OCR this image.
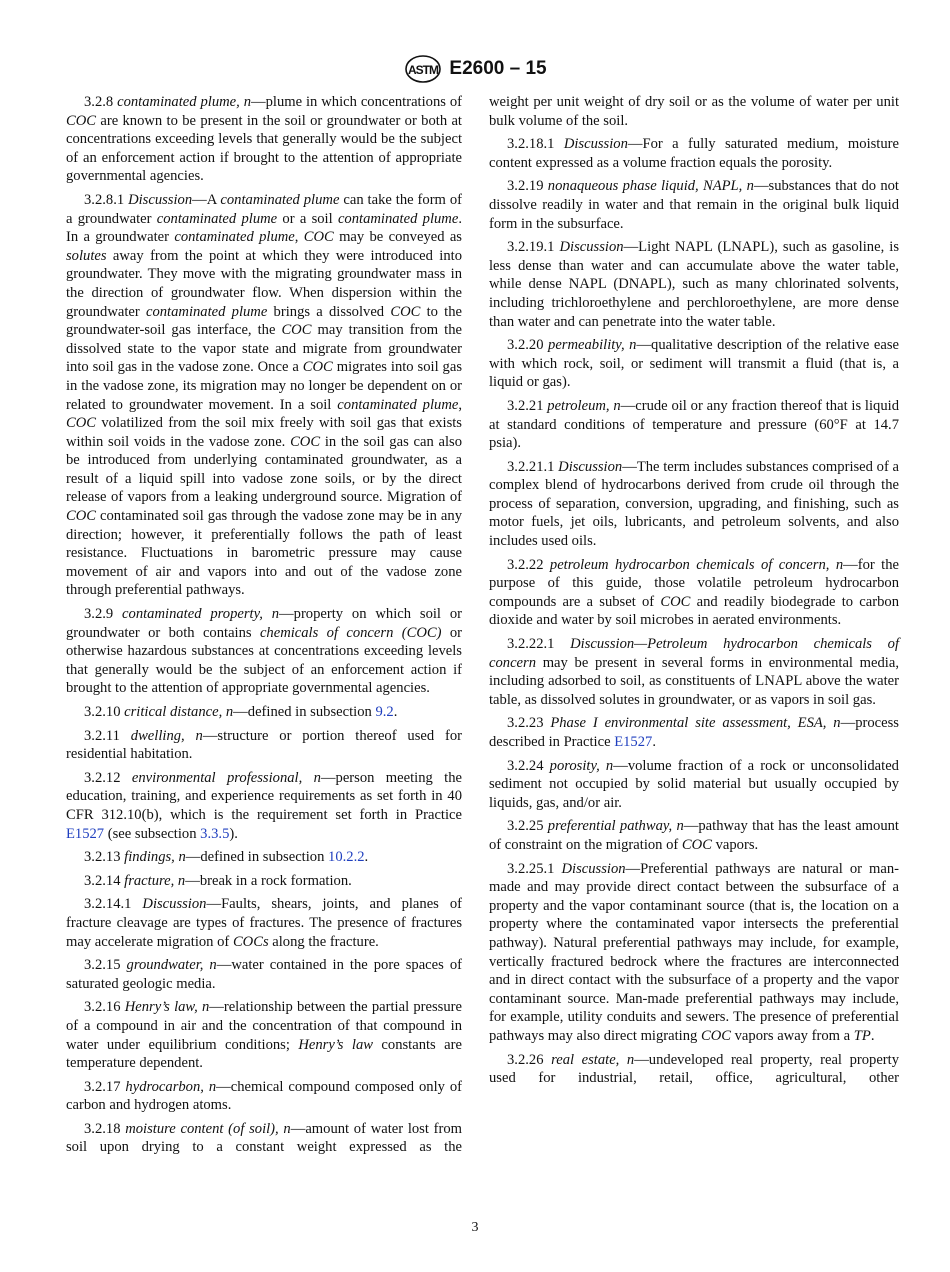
ASTM E2600 – 15

3.2.8 contaminated plume, n—plume in which concentrations of COC are known to be present in the soil or groundwater or both at concentrations exceeding levels that generally would be the subject of an enforcement action if brought to the attention of appropriate governmental agencies.

3.2.8.1 Discussion—A contaminated plume can take the form of a groundwater contaminated plume or a soil contaminated plume. In a groundwater contaminated plume, COC may be conveyed as solutes away from the point at which they were introduced into groundwater. They move with the migrating groundwater mass in the direction of groundwater flow. When dispersion within the groundwater contaminated plume brings a dissolved COC to the groundwater-soil gas interface, the COC may transition from the dissolved state to the vapor state and migrate from groundwater into soil gas in the vadose zone. Once a COC migrates into soil gas in the vadose zone, its migration may no longer be dependent on or related to groundwater movement. In a soil contaminated plume, COC volatilized from the soil mix freely with soil gas that exists within soil voids in the vadose zone. COC in the soil gas can also be introduced from underlying contaminated groundwater, as a result of a liquid spill into vadose zone soils, or by the direct release of vapors from a leaking underground source. Migration of COC contaminated soil gas through the vadose zone may be in any direction; however, it preferentially follows the path of least resistance. Fluctuations in barometric pressure may cause movement of air and vapors into and out of the vadose zone through preferential pathways.

3.2.9 contaminated property, n—property on which soil or groundwater or both contains chemicals of concern (COC) or otherwise hazardous substances at concentrations exceeding levels that generally would be the subject of an enforcement action if brought to the attention of appropriate governmental agencies.

3.2.10 critical distance, n—defined in subsection 9.2.

3.2.11 dwelling, n—structure or portion thereof used for residential habitation.

3.2.12 environmental professional, n—person meeting the education, training, and experience requirements as set forth in 40 CFR 312.10(b), which is the requirement set forth in Practice E1527 (see subsection 3.3.5).

3.2.13 findings, n—defined in subsection 10.2.2.

3.2.14 fracture, n—break in a rock formation.

3.2.14.1 Discussion—Faults, shears, joints, and planes of fracture cleavage are types of fractures. The presence of fractures may accelerate migration of COCs along the fracture.

3.2.15 groundwater, n—water contained in the pore spaces of saturated geologic media.

3.2.16 Henry’s law, n—relationship between the partial pressure of a compound in air and the concentration of that compound in water under equilibrium conditions; Henry’s law constants are temperature dependent.

3.2.17 hydrocarbon, n—chemical compound composed only of carbon and hydrogen atoms.

3.2.18 moisture content (of soil), n—amount of water lost from soil upon drying to a constant weight expressed as the

weight per unit weight of dry soil or as the volume of water per unit bulk volume of the soil.

3.2.18.1 Discussion—For a fully saturated medium, moisture content expressed as a volume fraction equals the porosity.

3.2.19 nonaqueous phase liquid, NAPL, n—substances that do not dissolve readily in water and that remain in the original bulk liquid form in the subsurface.

3.2.19.1 Discussion—Light NAPL (LNAPL), such as gasoline, is less dense than water and can accumulate above the water table, while dense NAPL (DNAPL), such as many chlorinated solvents, including trichloroethylene and perchloroethylene, are more dense than water and can penetrate into the water table.

3.2.20 permeability, n—qualitative description of the relative ease with which rock, soil, or sediment will transmit a fluid (that is, a liquid or gas).

3.2.21 petroleum, n—crude oil or any fraction thereof that is liquid at standard conditions of temperature and pressure (60°F at 14.7 psia).

3.2.21.1 Discussion—The term includes substances comprised of a complex blend of hydrocarbons derived from crude oil through the process of separation, conversion, upgrading, and finishing, such as motor fuels, jet oils, lubricants, and petroleum solvents, and also includes used oils.

3.2.22 petroleum hydrocarbon chemicals of concern, n—for the purpose of this guide, those volatile petroleum hydrocarbon compounds are a subset of COC and readily biodegrade to carbon dioxide and water by soil microbes in aerated environments.

3.2.22.1 Discussion—Petroleum hydrocarbon chemicals of concern may be present in several forms in environmental media, including adsorbed to soil, as constituents of LNAPL above the water table, as dissolved solutes in groundwater, or as vapors in soil gas.

3.2.23 Phase I environmental site assessment, ESA, n—process described in Practice E1527.

3.2.24 porosity, n—volume fraction of a rock or unconsolidated sediment not occupied by solid material but usually occupied by liquids, gas, and/or air.

3.2.25 preferential pathway, n—pathway that has the least amount of constraint on the migration of COC vapors.

3.2.25.1 Discussion—Preferential pathways are natural or man-made and may provide direct contact between the subsurface of a property and the vapor contaminant source (that is, the location on a property where the contaminated vapor intersects the preferential pathway). Natural preferential pathways may include, for example, vertically fractured bedrock where the fractures are interconnected and in direct contact with the subsurface of a property and the vapor contaminant source. Man-made preferential pathways may include, for example, utility conduits and sewers. The presence of preferential pathways may also direct migrating COC vapors away from a TP.

3.2.26 real estate, n—undeveloped real property, real property used for industrial, retail, office, agricultural, other

3
